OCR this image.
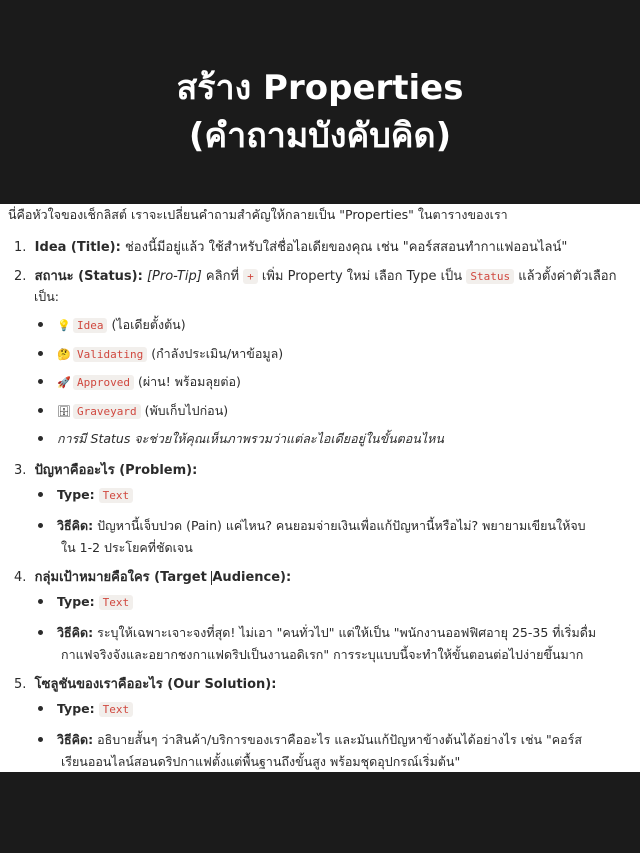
สร้าง Properties
(คำถามบังคับคิด)
นี่คือหัวใจของเช็กลิสต์ เราจะเปลี่ยนคำถามสำคัญให้กลายเป็น "Properties" ในตารางของเรา
1. Idea (Title): ช่องนี้มีอยู่แล้ว ใช้สำหรับใส่ชื่อไอเดียของคุณ เช่น "คอร์สสอนทำกาแฟออนไลน์"
2. สถานะ (Status): [Pro-Tip] คลิกที่ + เพิ่ม Property ใหม่ เลือก Type เป็น Status แล้วตั้งค่าตัวเลือก
เป็น:
💡 Idea (ไอเดียตั้งต้น)
🤔 Validating (กำลังประเมิน/หาข้อมูล)
🚀 Approved (ผ่าน! พร้อมลุยต่อ)
🗄 Graveyard (พับเก็บไปก่อน)
การมี Status จะช่วยให้คุณเห็นภาพรวมว่าแต่ละไอเดียอยู่ในขั้นตอนไหน
3. ปัญหาคืออะไร (Problem):
Type: Text
วิธีคิด: ปัญหานี้เจ็บปวด (Pain) แค่ไหน? คนยอมจ่ายเงินเพื่อแก้ปัญหานี้หรือไม่? พยายามเขียนให้จบ
ใน 1-2 ประโยคที่ชัดเจน
4. กลุ่มเป้าหมายคือใคร (Target Audience):
Type: Text
วิธีคิด: ระบุให้เฉพาะเจาะจงที่สุด! ไม่เอา "คนทั่วไป" แต่ให้เป็น "พนักงานออฟฟิศอายุ 25-35 ที่เริ่มดื่ม
กาแฟจริงจังและอยากชงกาแฟดริปเป็นงานอดิเรก" การระบุแบบนี้จะทำให้ขั้นตอนต่อไปง่ายขึ้นมาก
5. โซลูชันของเราคืออะไร (Our Solution):
Type: Text
วิธีคิด: อธิบายสั้นๆ ว่าสินค้า/บริการของเราคืออะไร และมันแก้ปัญหาข้างต้นได้อย่างไร เช่น "คอร์ส
เรียนออนไลน์สอนดริปกาแฟตั้งแต่พื้นฐานถึงขั้นสูง พร้อมชุดอุปกรณ์เริ่มต้น"
